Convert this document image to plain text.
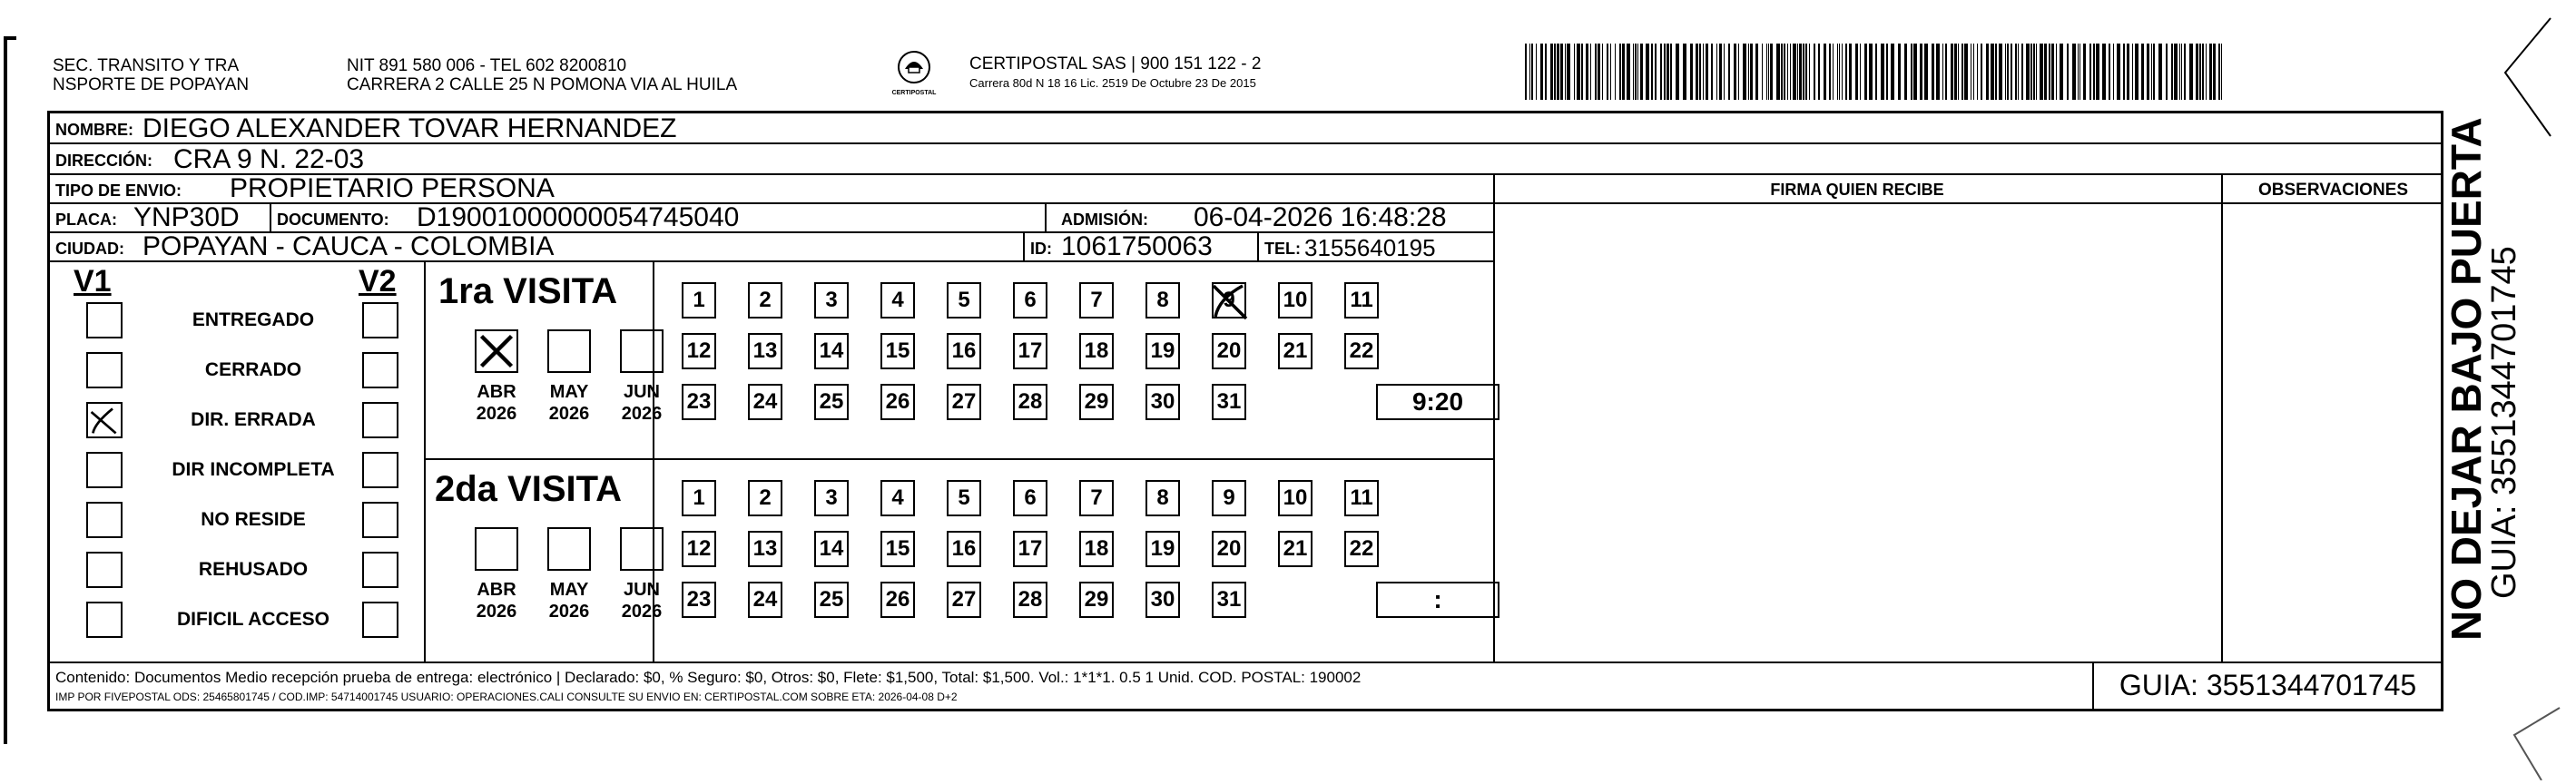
SEC. TRANSITO Y TRA
NSPORTE DE POPAYAN
NIT 891 580 006 - TEL 602 8200810
CARRERA 2 CALLE 25 N POMONA VIA AL HUILA	CERTIPOSTAL
CERTIPOSTAL SAS | 900 151 122 - 2
Carrera 80d N 18 16 Lic. 2519 De Octubre 23 De 2015
NOMBRE: DIEGO ALEXANDER TOVAR HERNANDEZ
DIRECCIÓN: CRA 9 N. 22-03
TIPO DE ENVIO: PROPIETARIO PERSONA	FIRMA QUIEN RECIBE	OBSERVACIONES
PLACA: YNP30D DOCUMENTO: D19001000000054745040	ADMISIÓN: 06-04-2026 16:48:28
CIUDAD: POPAYAN - CAUCA - COLOMBIA	ID: 1061750063	TEL: 3155640195
V1	V2
ENTREGADO
CERRADO
DIR. ERRADA
DIR INCOMPLETA
NO RESIDE
REHUSADO
DIFICIL ACCESO
1ra VISITA
2da VISITA
ABR
2026
MAY
2026
JUN
2026
ABR
2026
MAY
2026
JUN
2026
1	2	3	4	5	6	7	8	9	10 11
12 13 14 15 16 17 18 19 20 21 22
23 24 25 26 27 28 29 30 31	9:20
1	2	3	4	5	6	7	8	9	10 11
12 13 14 15 16 17 18 19 20 21 22
23 24 25 26 27 28 29 30 31	:
Contenido: Documentos Medio recepción prueba de entrega: electrónico | Declarado: $0, % Seguro: $0, Otros: $0, Flete: $1,500, Total: $1,500. Vol.: 1*1*1. 0.5 1 Unid. COD. POSTAL: 190002
IMP POR FIVEPOSTAL ODS: 25465801745 / COD.IMP: 54714001745 USUARIO: OPERACIONES.CALI CONSULTE SU ENVIO EN: CERTIPOSTAL.COM SOBRE ETA: 2026-04-08 D+2	GUIA: 3551344701745
NO DEJAR BAJO PUERTA
GUIA: 3551344701745
